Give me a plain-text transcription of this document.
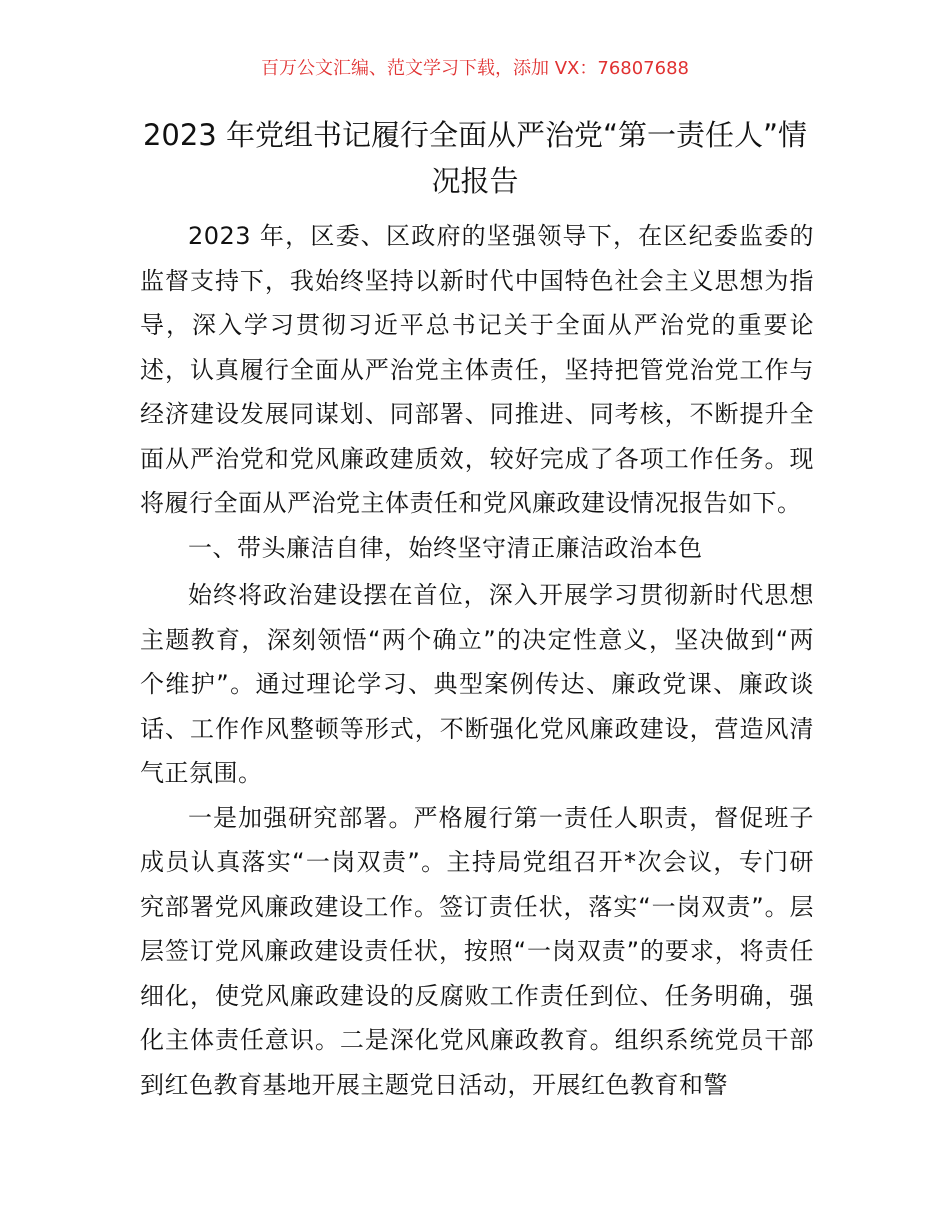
百万公文汇编、范文学习下载，添加 VX：76807688
2023 年党组书记履行全面从严治党“第一责任人”情况报告

2023 年，区委、区政府的坚强领导下，在区纪委监委的监督支持下，我始终坚持以新时代中国特色社会主义思想为指导，深入学习贯彻习近平总书记关于全面从严治党的重要论述，认真履行全面从严治党主体责任，坚持把管党治党工作与经济建设发展同谋划、同部署、同推进、同考核，不断提升全面从严治党和党风廉政建质效，较好完成了各项工作任务。现将履行全面从严治党主体责任和党风廉政建设情况报告如下。

一、带头廉洁自律，始终坚守清正廉洁政治本色

始终将政治建设摆在首位，深入开展学习贯彻新时代思想主题教育，深刻领悟“两个确立”的决定性意义，坚决做到“两个维护”。通过理论学习、典型案例传达、廉政党课、廉政谈话、工作作风整顿等形式，不断强化党风廉政建设，营造风清气正氛围。

一是加强研究部署。严格履行第一责任人职责，督促班子成员认真落实“一岗双责”。主持局党组召开*次会议，专门研究部署党风廉政建设工作。签订责任状，落实“一岗双责”。层层签订党风廉政建设责任状，按照“一岗双责”的要求，将责任细化，使党风廉政建设的反腐败工作责任到位、任务明确，强化主体责任意识。二是深化党风廉政教育。组织系统党员干部到红色教育基地开展主题党日活动，开展红色教育和警
